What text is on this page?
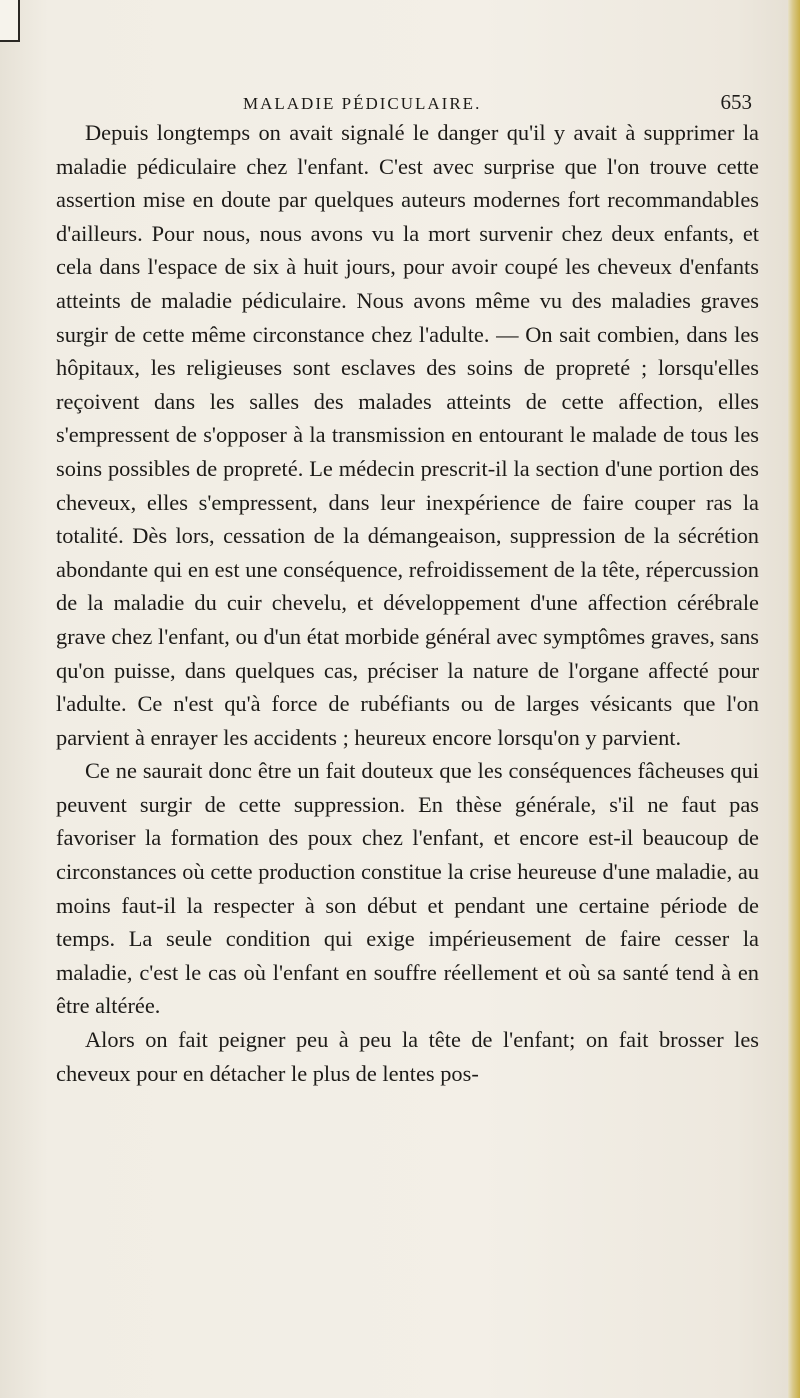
MALADIE PÉDICULAIRE.	653

Depuis longtemps on avait signalé le danger qu'il y avait à supprimer la maladie pédiculaire chez l'enfant. C'est avec surprise que l'on trouve cette assertion mise en doute par quelques auteurs modernes fort recommandables d'ailleurs. Pour nous, nous avons vu la mort survenir chez deux enfants, et cela dans l'espace de six à huit jours, pour avoir coupé les cheveux d'enfants atteints de maladie pédiculaire. Nous avons même vu des maladies graves surgir de cette même circonstance chez l'adulte. — On sait combien, dans les hôpitaux, les religieuses sont esclaves des soins de propreté ; lorsqu'elles reçoivent dans les salles des malades atteints de cette affection, elles s'empressent de s'opposer à la transmission en entourant le malade de tous les soins possibles de propreté. Le médecin prescrit-il la section d'une portion des cheveux, elles s'empressent, dans leur inexpérience de faire couper ras la totalité. Dès lors, cessation de la démangeaison, suppression de la sécrétion abondante qui en est une conséquence, refroidissement de la tête, répercussion de la maladie du cuir chevelu, et développement d'une affection cérébrale grave chez l'enfant, ou d'un état morbide général avec symptômes graves, sans qu'on puisse, dans quelques cas, préciser la nature de l'organe affecté pour l'adulte. Ce n'est qu'à force de rubéfiants ou de larges vésicants que l'on parvient à enrayer les accidents ; heureux encore lorsqu'on y parvient.

Ce ne saurait donc être un fait douteux que les conséquences fâcheuses qui peuvent surgir de cette suppression. En thèse générale, s'il ne faut pas favoriser la formation des poux chez l'enfant, et encore est-il beaucoup de circonstances où cette production constitue la crise heureuse d'une maladie, au moins faut-il la respecter à son début et pendant une certaine période de temps. La seule condition qui exige impérieusement de faire cesser la maladie, c'est le cas où l'enfant en souffre réellement et où sa santé tend à en être altérée.

Alors on fait peigner peu à peu la tête de l'enfant; on fait brosser les cheveux pour en détacher le plus de lentes pos-
